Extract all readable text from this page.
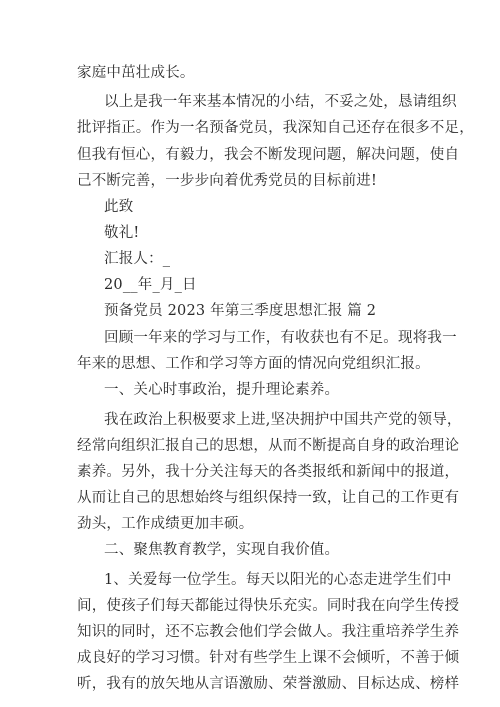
家庭中茁壮成长。
以上是我一年来基本情况的小结，不妥之处，恳请组织
批评指正。作为一名预备党员，我深知自己还存在很多不足，
但我有恒心，有毅力，我会不断发现问题，解决问题，使自
己不断完善，一步步向着优秀党员的目标前进!
此致
敬礼!
汇报人：_
20__年_月_日
预备党员 2023 年第三季度思想汇报 篇 2
回顾一年来的学习与工作，有收获也有不足。现将我一
年来的思想、工作和学习等方面的情况向党组织汇报。
一、关心时事政治，提升理论素养。
我在政治上积极要求上进,坚决拥护中国共产党的领导，
经常向组织汇报自己的思想，从而不断提高自身的政治理论
素养。另外，我十分关注每天的各类报纸和新闻中的报道，
从而让自己的思想始终与组织保持一致，让自己的工作更有
劲头，工作成绩更加丰硕。
二、聚焦教育教学，实现自我价值。
1、关爱每一位学生。每天以阳光的心态走进学生们中
间，使孩子们每天都能过得快乐充实。同时我在向学生传授
知识的同时，还不忘教会他们学会做人。我注重培养学生养
成良好的学习习惯。针对有些学生上课不会倾听，不善于倾
听，我有的放矢地从言语激励、荣誉激励、目标达成、榜样
